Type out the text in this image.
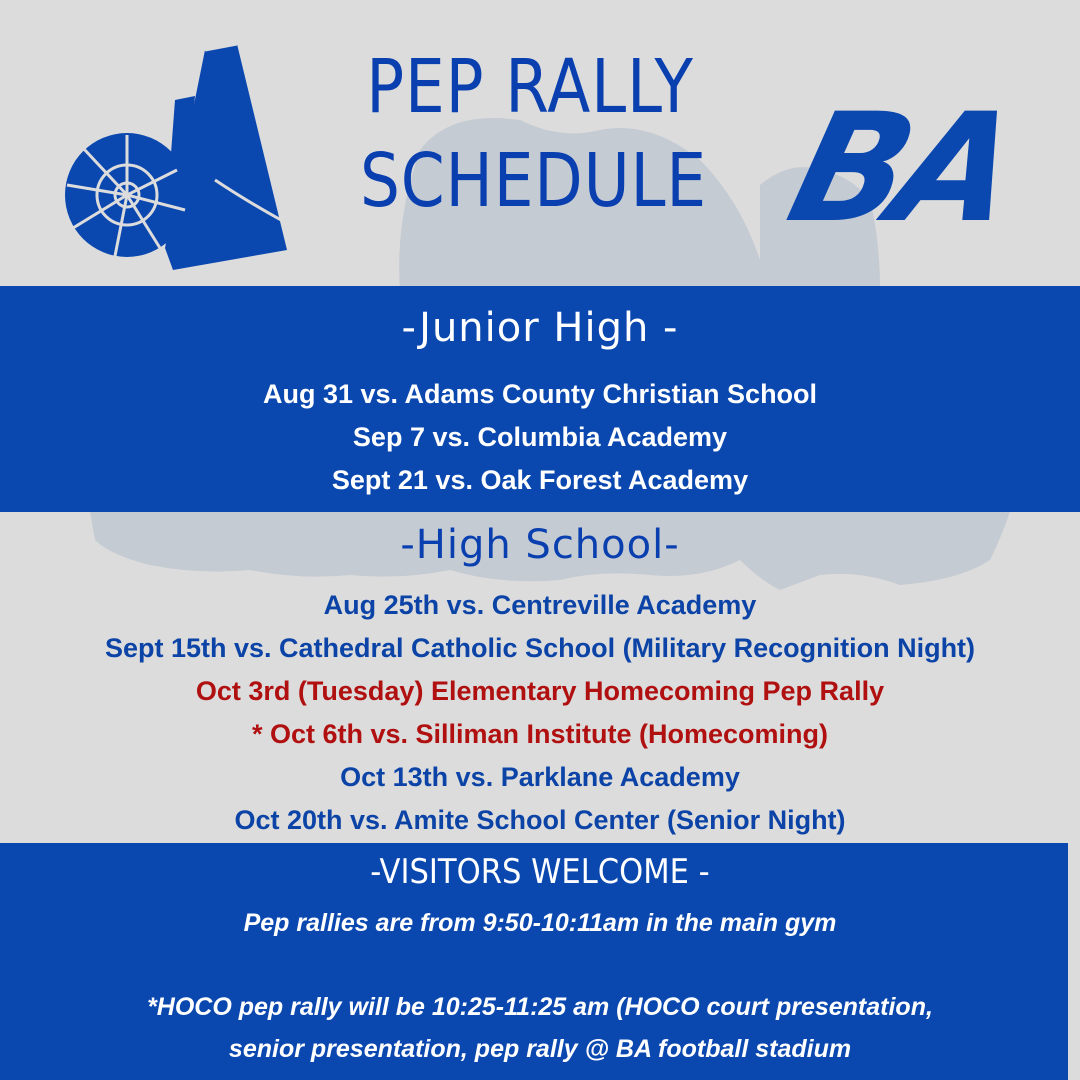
PEP RALLY
SCHEDULE BA
-Junior High -
Aug 31 vs. Adams County Christian School
Sep 7 vs. Columbia Academy
Sept 21 vs. Oak Forest Academy
-High School-
Aug 25th vs. Centreville Academy
Sept 15th vs. Cathedral Catholic School (Military Recognition Night)
Oct 3rd (Tuesday) Elementary Homecoming Pep Rally
* Oct 6th vs. Silliman Institute (Homecoming)
Oct 13th vs. Parklane Academy
Oct 20th vs. Amite School Center (Senior Night)
-VISITORS WELCOME -
Pep rallies are from 9:50-10:11am in the main gym
*HOCO pep rally will be 10:25-11:25 am (HOCO court presentation,
senior presentation, pep rally @ BA football stadium
